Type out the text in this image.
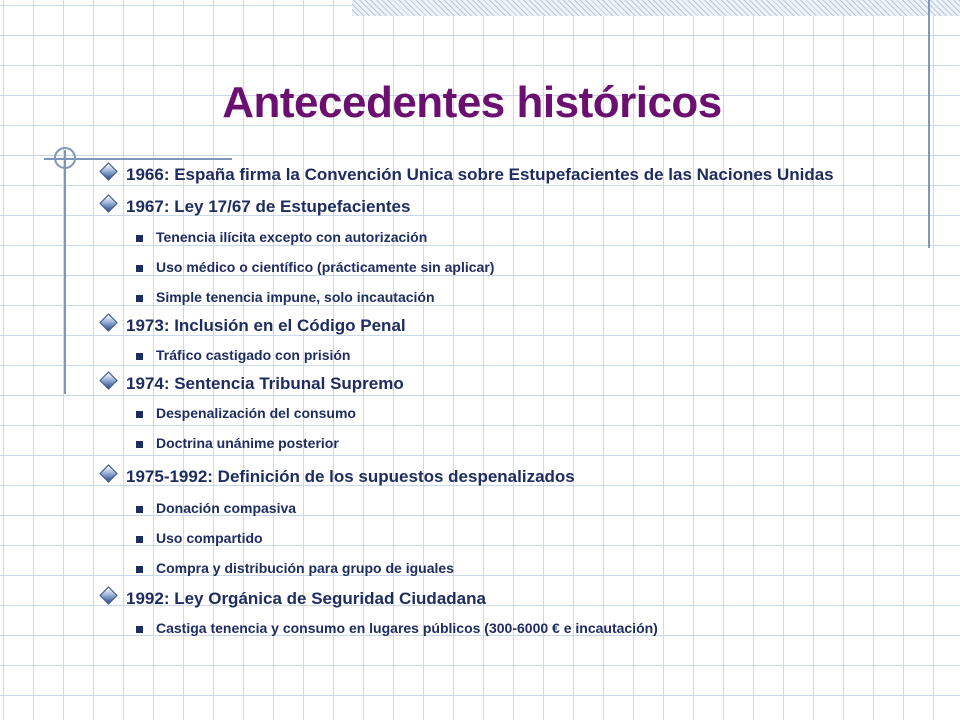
Antecedentes históricos
1966: España firma la Convención Unica sobre Estupefacientes de las Naciones Unidas
1967: Ley 17/67 de Estupefacientes
Tenencia ilícita excepto con autorización
Uso médico o científico (prácticamente sin aplicar)
Simple tenencia impune, solo incautación
1973: Inclusión en el Código Penal
Tráfico castigado con prisión
1974: Sentencia Tribunal Supremo
Despenalización del consumo
Doctrina unánime posterior
1975-1992: Definición de los supuestos despenalizados
Donación compasiva
Uso compartido
Compra y distribución para grupo de iguales
1992: Ley Orgánica de Seguridad Ciudadana
Castiga tenencia y consumo en lugares públicos (300-6000 € e incautación)
